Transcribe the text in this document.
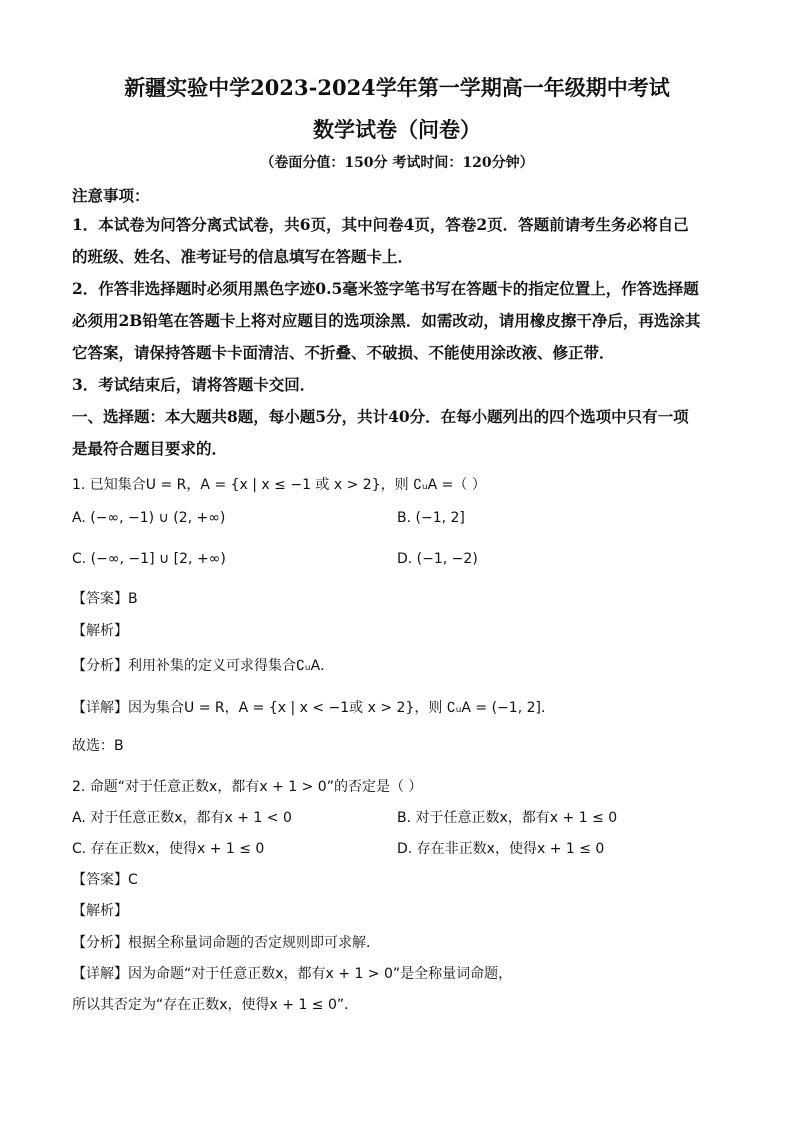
新疆实验中学2023-2024学年第一学期高一年级期中考试
数学试卷（问卷）
（卷面分值：150分 考试时间：120分钟）
注意事项：
1．本试卷为问答分离式试卷，共6页，其中问卷4页，答卷2页．答题前请考生务必将自己
的班级、姓名、准考证号的信息填写在答题卡上．
2．作答非选择题时必须用黑色字迹0.5毫米签字笔书写在答题卡的指定位置上，作答选择题
必须用2B铅笔在答题卡上将对应题目的选项涂黑．如需改动，请用橡皮擦干净后，再选涂其
它答案，请保持答题卡卡面清洁、不折叠、不破损、不能使用涂改液、修正带．
3．考试结束后，请将答题卡交回．
一、选择题：本大题共8题，每小题5分，共计40分．在每小题列出的四个选项中只有一项
是最符合题目要求的．
1. 已知集合U = R，A = {x | x ≤ −1 或 x > 2}，则 ∁ᵤA =（ ）
A. (−∞, −1) ∪ (2, +∞)	B. (−1, 2]
C. (−∞, −1] ∪ [2, +∞)	D. (−1, −2)
【答案】B
【解析】
【分析】利用补集的定义可求得集合∁ᵤA．
【详解】因为集合U = R，A = {x | x < −1或 x > 2}，则 ∁ᵤA = (−1, 2]．
故选：B
2. 命题“对于任意正数x，都有x + 1 > 0”的否定是（ ）
A. 对于任意正数x，都有x + 1 < 0	B. 对于任意正数x，都有x + 1 ≤ 0
C. 存在正数x，使得x + 1 ≤ 0	D. 存在非正数x，使得x + 1 ≤ 0
【答案】C
【解析】
【分析】根据全称量词命题的否定规则即可求解．
【详解】因为命题“对于任意正数x，都有x + 1 > 0”是全称量词命题，
所以其否定为“存在正数x，使得x + 1 ≤ 0”．
